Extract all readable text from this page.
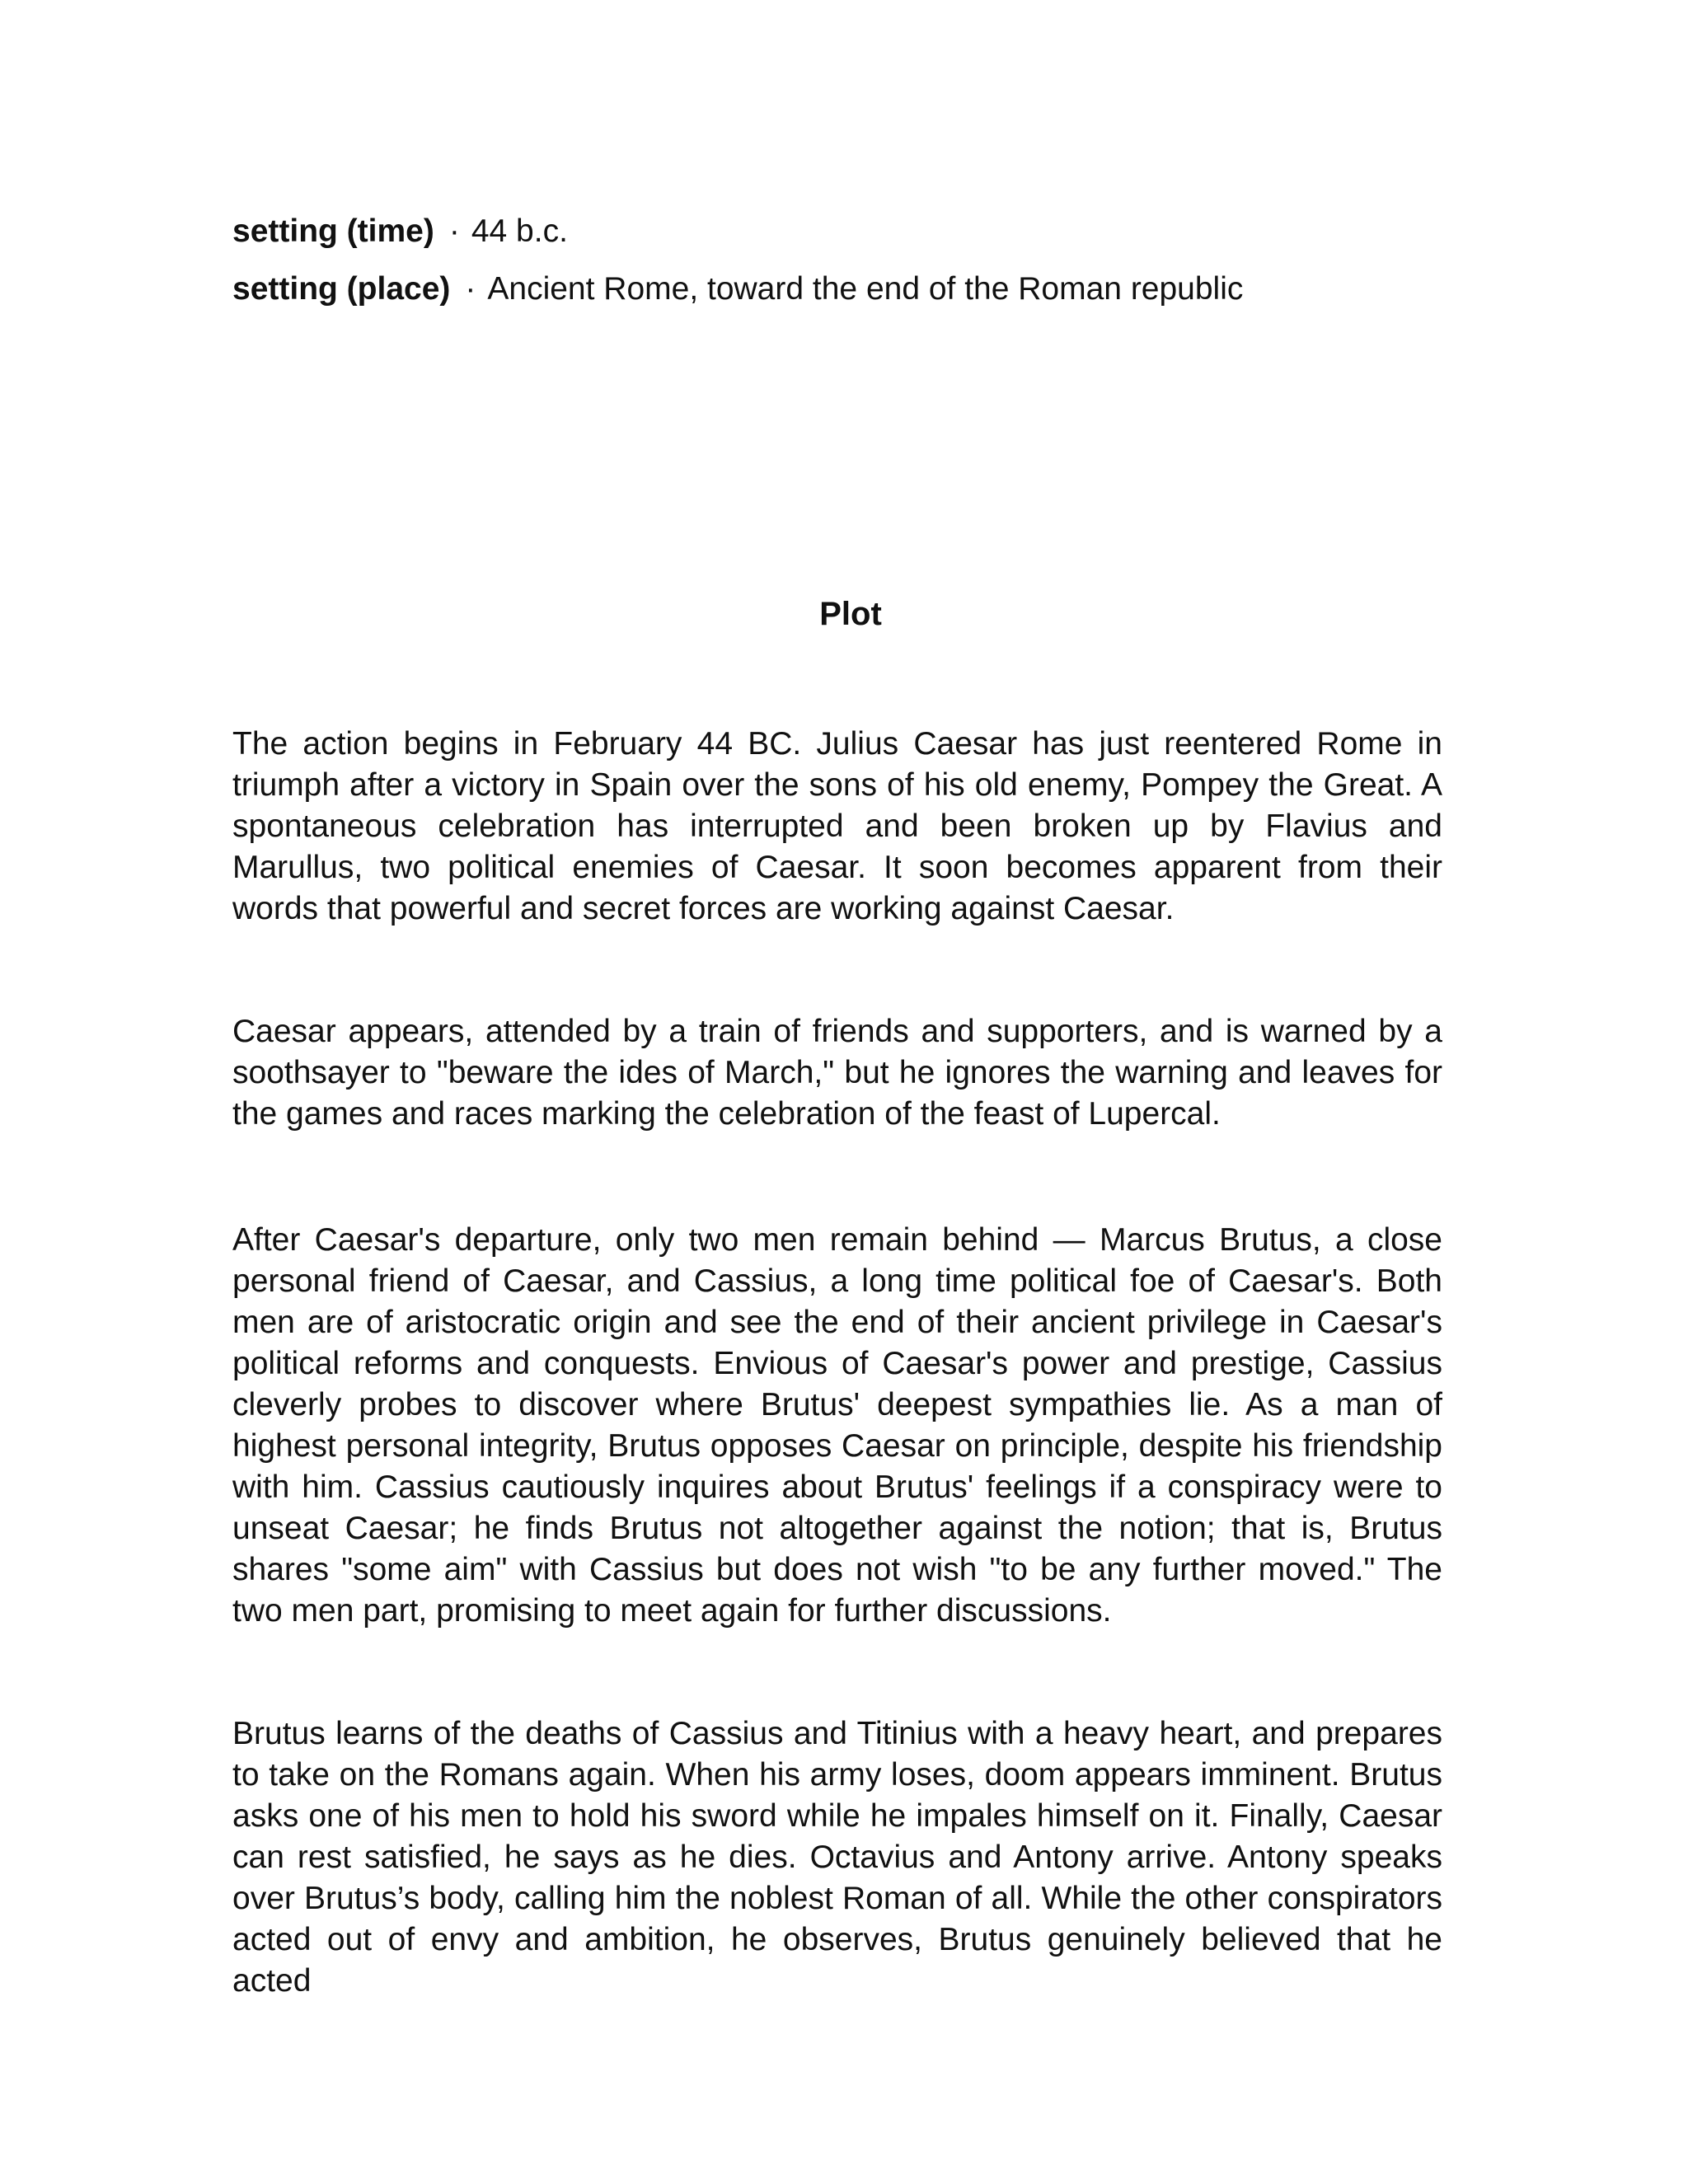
setting (time) · 44 b.c.
setting (place) · Ancient Rome, toward the end of the Roman republic
Plot

The action begins in February 44 BC. Julius Caesar has just reentered Rome in triumph after a victory in Spain over the sons of his old enemy, Pompey the Great. A spontaneous celebration has interrupted and been broken up by Flavius and Marullus, two political enemies of Caesar. It soon becomes apparent from their words that powerful and secret forces are working against Caesar.

Caesar appears, attended by a train of friends and supporters, and is warned by a soothsayer to "beware the ides of March," but he ignores the warning and leaves for the games and races marking the celebration of the feast of Lupercal.

After Caesar's departure, only two men remain behind — Marcus Brutus, a close personal friend of Caesar, and Cassius, a long time political foe of Caesar's. Both men are of aristocratic origin and see the end of their ancient privilege in Caesar's political reforms and conquests. Envious of Caesar's power and prestige, Cassius cleverly probes to discover where Brutus' deepest sympathies lie. As a man of highest personal integrity, Brutus opposes Caesar on principle, despite his friendship with him. Cassius cautiously inquires about Brutus' feelings if a conspiracy were to unseat Caesar; he finds Brutus not altogether against the notion; that is, Brutus shares "some aim" with Cassius but does not wish "to be any further moved." The two men part, promising to meet again for further discussions.

Brutus learns of the deaths of Cassius and Titinius with a heavy heart, and prepares to take on the Romans again. When his army loses, doom appears imminent. Brutus asks one of his men to hold his sword while he impales himself on it. Finally, Caesar can rest satisfied, he says as he dies. Octavius and Antony arrive. Antony speaks over Brutus’s body, calling him the noblest Roman of all. While the other conspirators acted out of envy and ambition, he observes, Brutus genuinely believed that he acted
